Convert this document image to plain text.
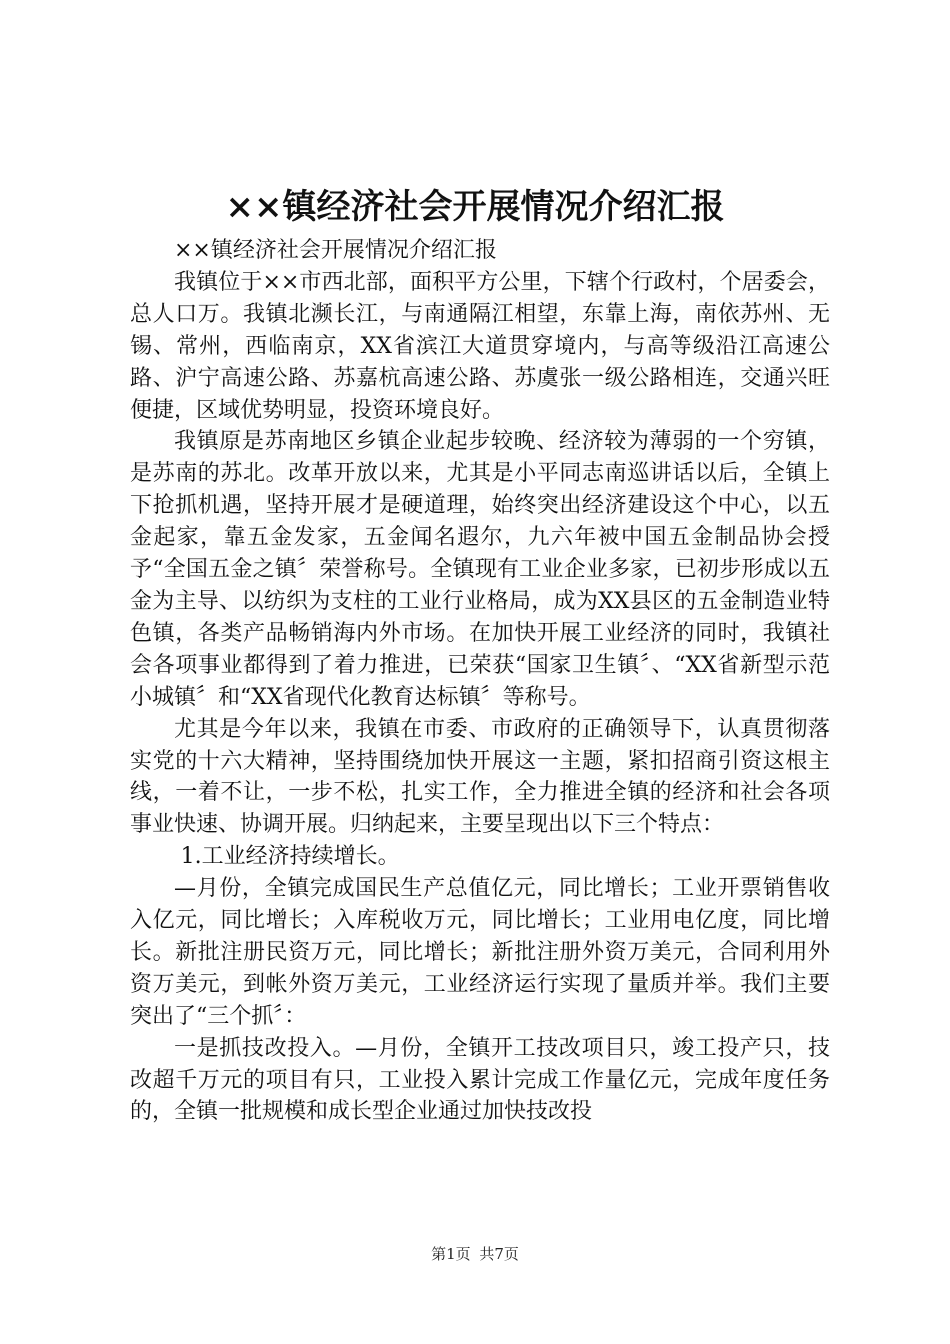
××镇经济社会开展情况介绍汇报

××镇经济社会开展情况介绍汇报

我镇位于××市西北部，面积平方公里，下辖个行政村，个居委会，总人口万。我镇北濒长江，与南通隔江相望，东靠上海，南依苏州、无锡、常州，西临南京，XX省滨江大道贯穿境内，与高等级沿江高速公路、沪宁高速公路、苏嘉杭高速公路、苏虞张一级公路相连，交通兴旺便捷，区域优势明显，投资环境良好。

我镇原是苏南地区乡镇企业起步较晚、经济较为薄弱的一个穷镇，是苏南的苏北。改革开放以来，尤其是小平同志南巡讲话以后，全镇上下抢抓机遇，坚持开展才是硬道理，始终突出经济建设这个中心，以五金起家，靠五金发家，五金闻名遐尔，九六年被中国五金制品协会授予“全国五金之镇〞荣誉称号。全镇现有工业企业多家，已初步形成以五金为主导、以纺织为支柱的工业行业格局，成为XX县区的五金制造业特色镇，各类产品畅销海内外市场。在加快开展工业经济的同时，我镇社会各项事业都得到了着力推进，已荣获“国家卫生镇〞、“XX省新型示范小城镇〞和“XX省现代化教育达标镇〞等称号。

尤其是今年以来，我镇在市委、市政府的正确领导下，认真贯彻落实党的十六大精神，坚持围绕加快开展这一主题，紧扣招商引资这根主线，一着不让，一步不松，扎实工作，全力推进全镇的经济和社会各项事业快速、协调开展。归纳起来，主要呈现出以下三个特点：

1.工业经济持续增长。

—月份，全镇完成国民生产总值亿元，同比增长；工业开票销售收入亿元，同比增长；入库税收万元，同比增长；工业用电亿度，同比增长。新批注册民资万元，同比增长；新批注册外资万美元，合同利用外资万美元，到帐外资万美元，工业经济运行实现了量质并举。我们主要突出了“三个抓〞：

一是抓技改投入。—月份，全镇开工技改项目只，竣工投产只，技改超千万元的项目有只，工业投入累计完成工作量亿元，完成年度任务的，全镇一批规模和成长型企业通过加快技改投

第1页 共7页
